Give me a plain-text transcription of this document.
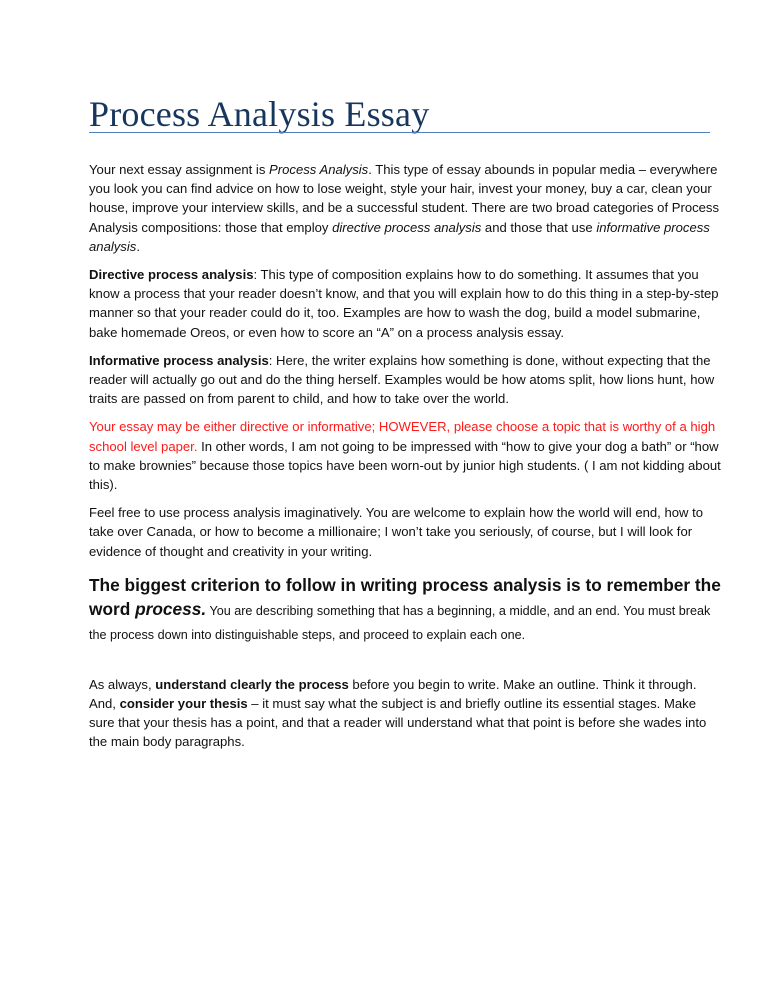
Process Analysis Essay

Your next essay assignment is Process Analysis. This type of essay abounds in popular media – everywhere you look you can find advice on how to lose weight, style your hair, invest your money, buy a car, clean your house, improve your interview skills, and be a successful student. There are two broad categories of Process Analysis compositions: those that employ directive process analysis and those that use informative process analysis.

Directive process analysis: This type of composition explains how to do something. It assumes that you know a process that your reader doesn’t know, and that you will explain how to do this thing in a step-by-step manner so that your reader could do it, too. Examples are how to wash the dog, build a model submarine, bake homemade Oreos, or even how to score an “A” on a process analysis essay.

Informative process analysis: Here, the writer explains how something is done, without expecting that the reader will actually go out and do the thing herself. Examples would be how atoms split, how lions hunt, how traits are passed on from parent to child, and how to take over the world.

Your essay may be either directive or informative; HOWEVER, please choose a topic that is worthy of a high school level paper. In other words, I am not going to be impressed with “how to give your dog a bath” or “how to make brownies” because those topics have been worn-out by junior high students. ( I am not kidding about this).

Feel free to use process analysis imaginatively. You are welcome to explain how the world will end, how to take over Canada, or how to become a millionaire; I won’t take you seriously, of course, but I will look for evidence of thought and creativity in your writing.

The biggest criterion to follow in writing process analysis is to remember the word process. You are describing something that has a beginning, a middle, and an end. You must break the process down into distinguishable steps, and proceed to explain each one.

As always, understand clearly the process before you begin to write. Make an outline. Think it through. And, consider your thesis – it must say what the subject is and briefly outline its essential stages. Make sure that your thesis has a point, and that a reader will understand what that point is before she wades into the main body paragraphs.
